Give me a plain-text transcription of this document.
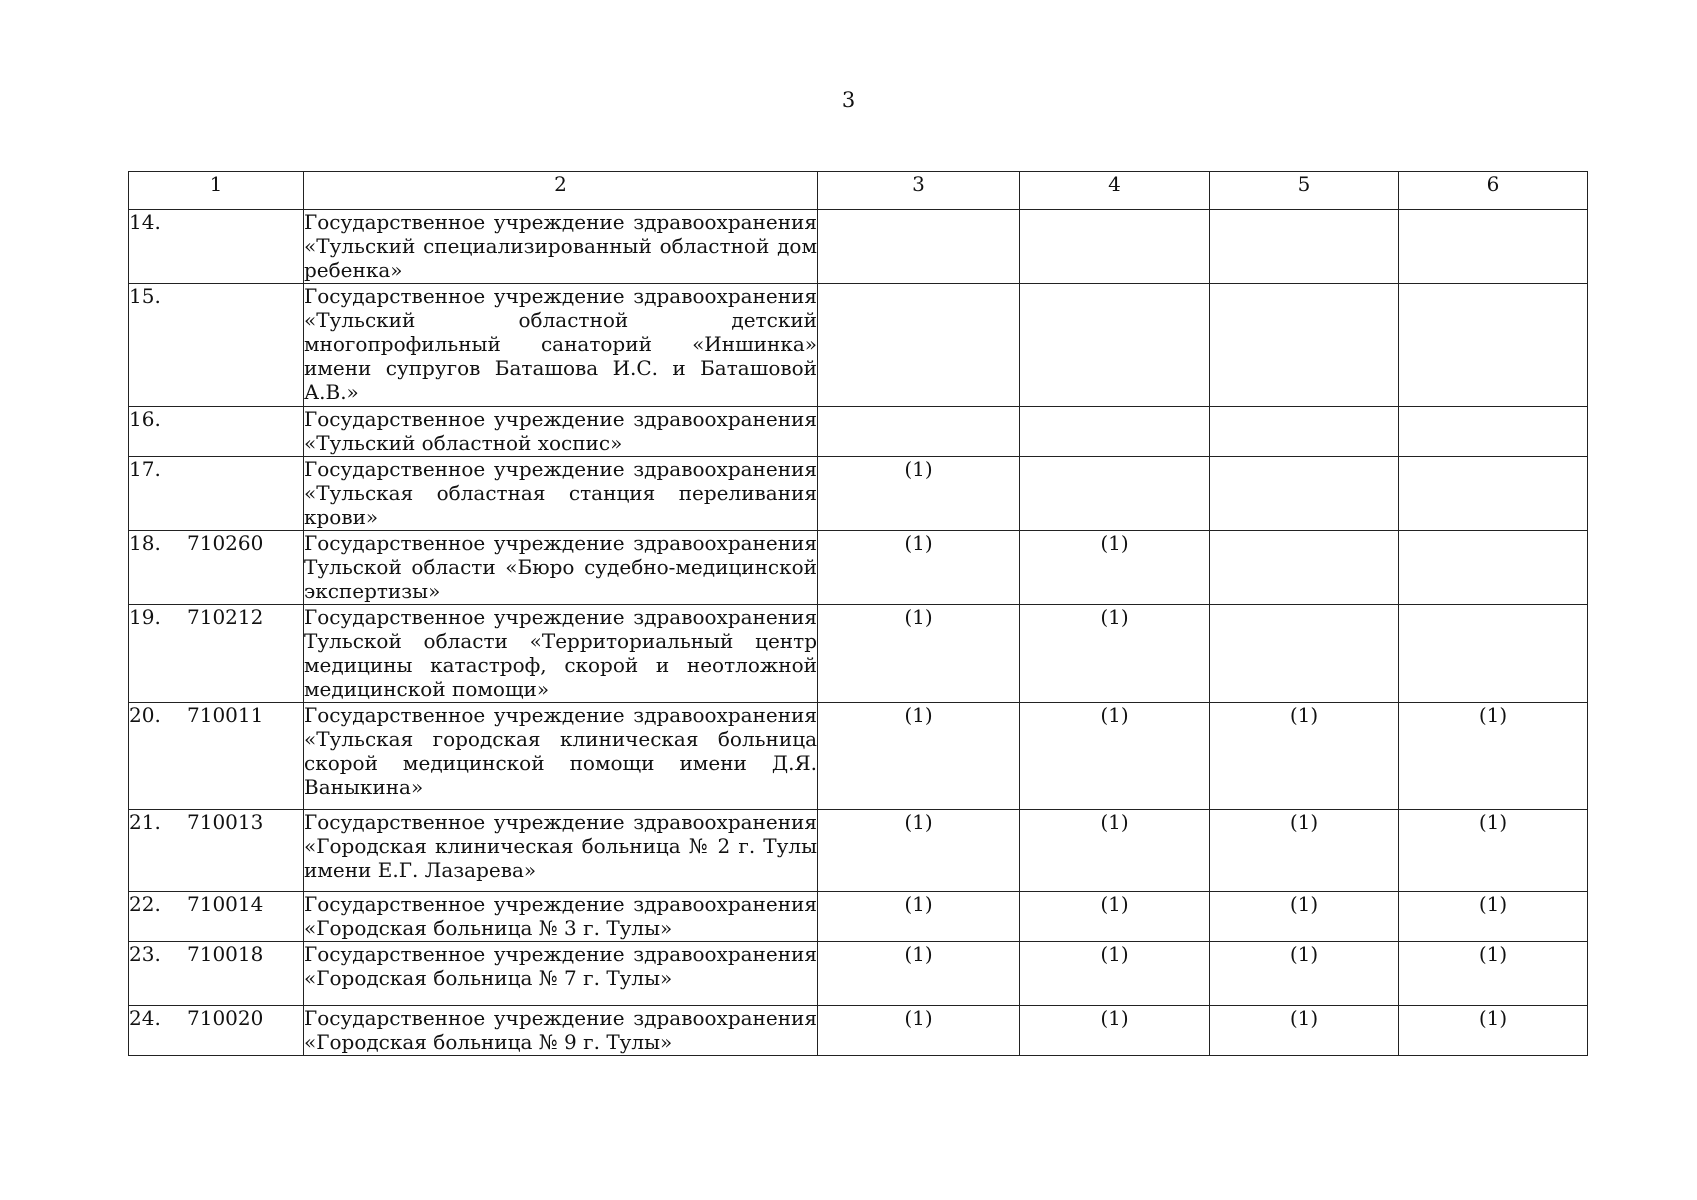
3
1	2	3	4	5	6
14.	Государственное учреждение здравоохранения «Тульский специализированный областной дом ребенка»				
15.	Государственное учреждение здравоохранения «Тульский областной детский многопрофильный санаторий «Иншинка» имени супругов Баташова И.С. и Баташовой А.В.»				
16.	Государственное учреждение здравоохранения «Тульский областной хоспис»				
17.	Государственное учреждение здравоохранения «Тульская областная станция переливания крови»	(1)			
18. 710260	Государственное учреждение здравоохранения Тульской области «Бюро судебно-медицинской экспертизы»	(1)	(1)		
19. 710212	Государственное учреждение здравоохранения Тульской области «Территориальный центр медицины катастроф, скорой и неотложной медицинской помощи»	(1)	(1)		
20. 710011	Государственное учреждение здравоохранения «Тульская городская клиническая больница скорой медицинской помощи имени Д.Я. Ваныкина»	(1)	(1)	(1)	(1)
21. 710013	Государственное учреждение здравоохранения «Городская клиническая больница № 2 г. Тулы имени Е.Г. Лазарева»	(1)	(1)	(1)	(1)
22. 710014	Государственное учреждение здравоохранения «Городская больница № 3 г. Тулы»	(1)	(1)	(1)	(1)
23. 710018	Государственное учреждение здравоохранения «Городская больница № 7 г. Тулы»	(1)	(1)	(1)	(1)
24. 710020	Государственное учреждение здравоохранения «Городская больница № 9 г. Тулы»	(1)	(1)	(1)	(1)
